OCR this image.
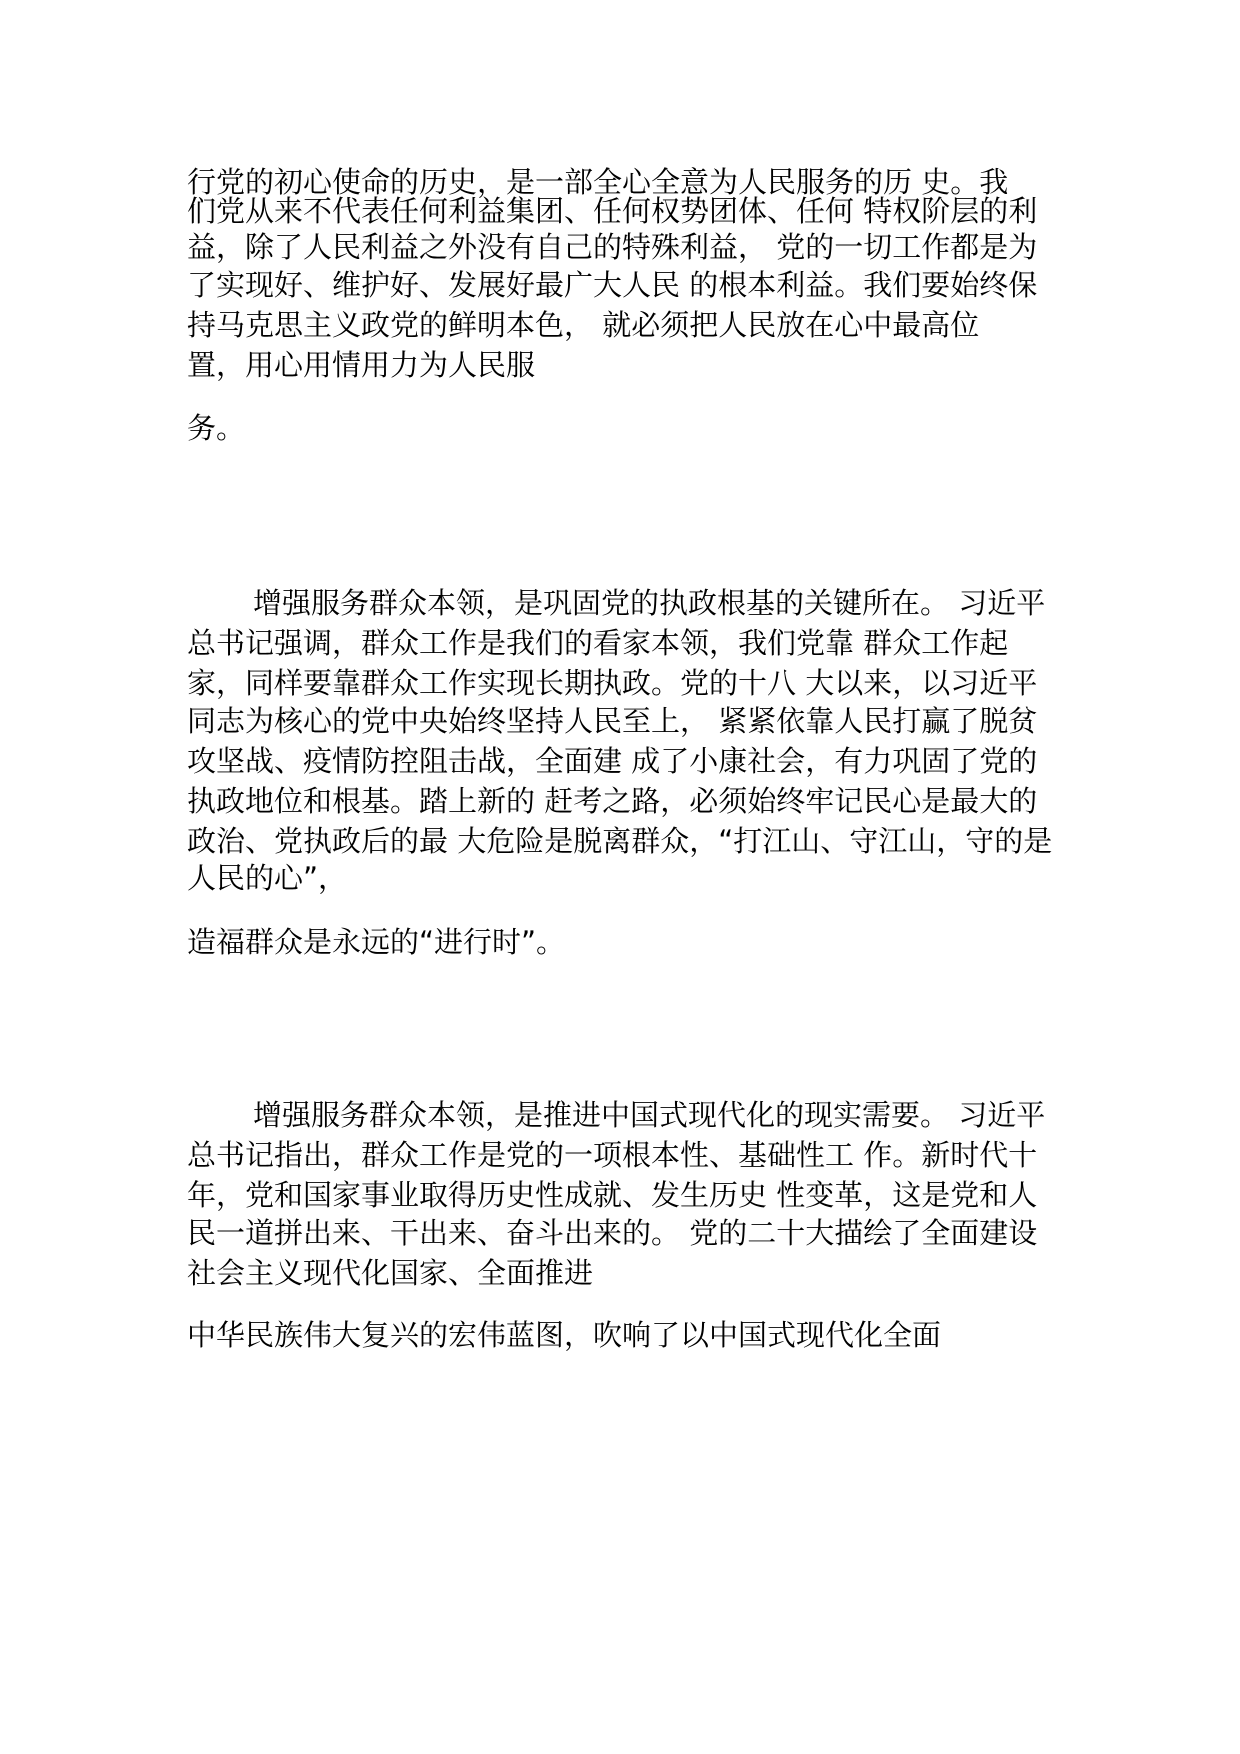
行党的初心使命的历史，是一部全心全意为人民服务的历 史。我
们党从来不代表任何利益集团、任何权势团体、任何 特权阶层的利
益，除了人民利益之外没有自己的特殊利益， 党的一切工作都是为
了实现好、维护好、发展好最广大人民 的根本利益。我们要始终保
持马克思主义政党的鲜明本色， 就必须把人民放在心中最高位
置，用心用情用力为人民服
务。
增强服务群众本领，是巩固党的执政根基的关键所在。 习近平
总书记强调，群众工作是我们的看家本领，我们党靠 群众工作起
家，同样要靠群众工作实现长期执政。党的十八 大以来，以习近平
同志为核心的党中央始终坚持人民至上， 紧紧依靠人民打赢了脱贫
攻坚战、疫情防控阻击战，全面建 成了小康社会，有力巩固了党的
执政地位和根基。踏上新的 赶考之路，必须始终牢记民心是最大的
政治、党执政后的最 大危险是脱离群众，“打江山、守江山，守的是
人民的心”，
造福群众是永远的“进行时”。
增强服务群众本领，是推进中国式现代化的现实需要。 习近平
总书记指出，群众工作是党的一项根本性、基础性工 作。新时代十
年，党和国家事业取得历史性成就、发生历史 性变革，这是党和人
民一道拼出来、干出来、奋斗出来的。 党的二十大描绘了全面建设
社会主义现代化国家、全面推进
中华民族伟大复兴的宏伟蓝图，吹响了以中国式现代化全面
